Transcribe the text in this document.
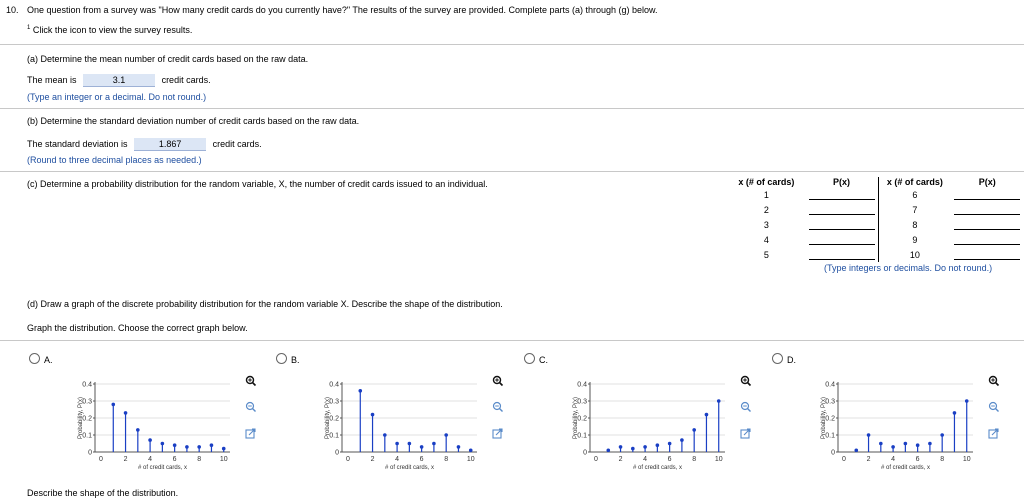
10. One question from a survey was "How many credit cards do you currently have?" The results of the survey are provided. Complete parts (a) through (g) below.
$^1$ Click the icon to view the survey results.
(a) Determine the mean number of credit cards based on the raw data.
The mean is	3.1	credit cards.
(Type an integer or a decimal. Do not round.)
(b) Determine the standard deviation number of credit cards based on the raw data.
The standard deviation is	1.867	credit cards.
(Round to three decimal places as needed.)
(c) Determine a probability distribution for the random variable, X, the number of credit cards issued to an individual.	x (# of cards)	P(x)	x (# of cards)	P(x)
1		6	
2		7	
3		8	
4		9	
5		10	
(Type integers or decimals. Do not round.)
(d) Draw a graph of the discrete probability distribution for the random variable X. Describe the shape of the distribution.
Graph the distribution. Choose the correct graph below.
A.
0.4
0.3
0.2
0.1
0
0	2	4	6	8	10
# of credit cards, x
Probability, P(x)
B.
0.4
0.3
0.2
0.1
0
0	2	4	6	8	10
# of credit cards, x
Probability, P(x)
C.
0.4
0.3
0.2
0.1
0
0	2	4	6	8	10
# of credit cards, x
Probability, P(x)
D.
0.4
0.3
0.2
0.1
0
0	2	4	6	8	10
# of credit cards, x
Probability, P(x)
Describe the shape of the distribution.
